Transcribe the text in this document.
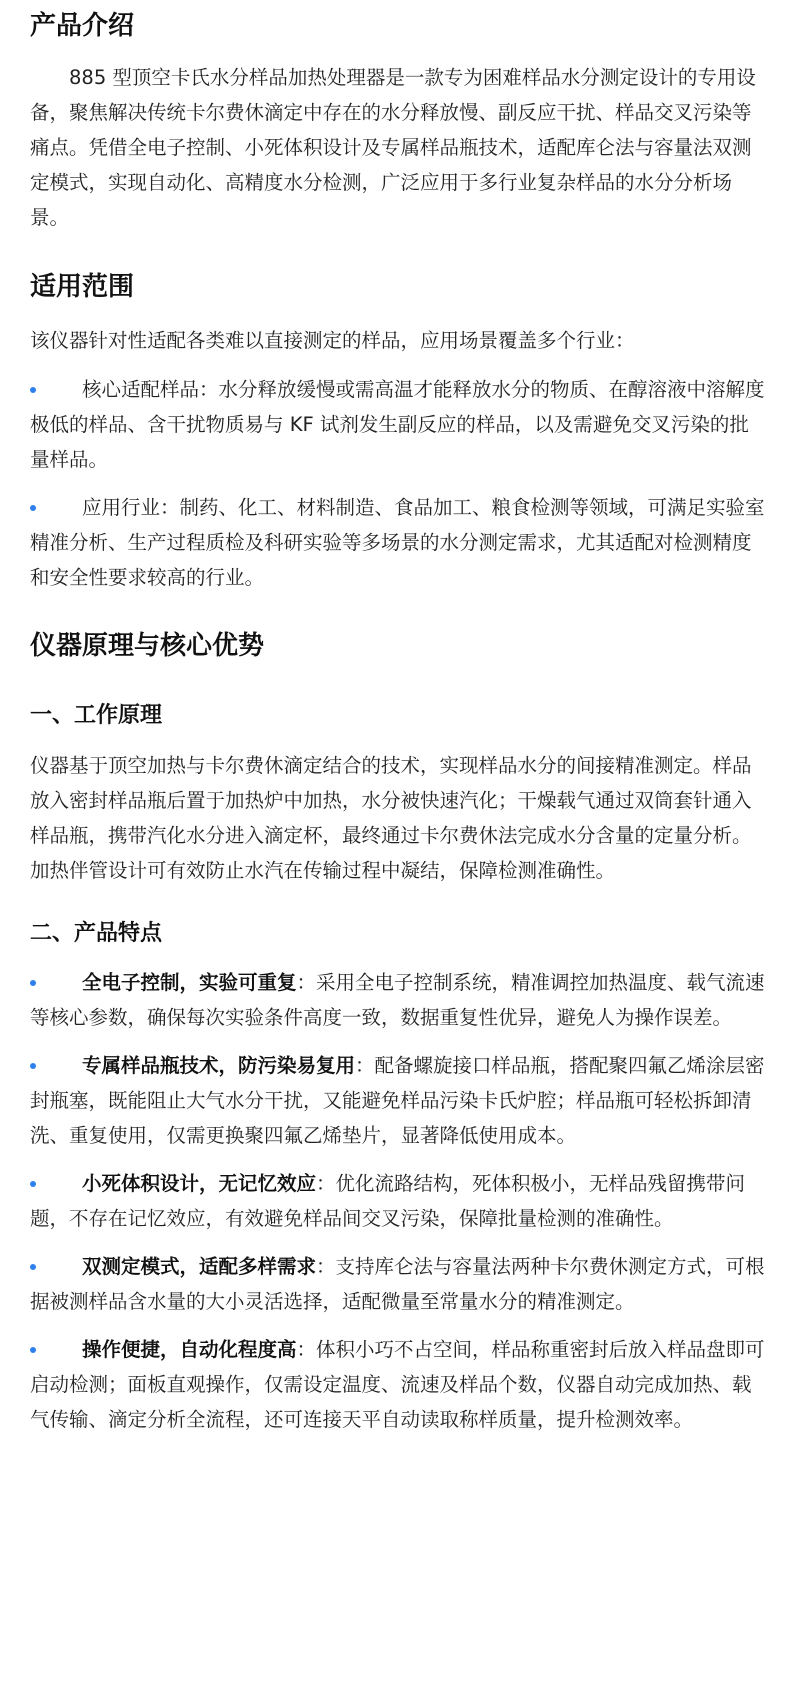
产品介绍

885 型顶空卡氏水分样品加热处理器是一款专为困难样品水分测定设计的专用设备，聚焦解决传统卡尔费休滴定中存在的水分释放慢、副反应干扰、样品交叉污染等痛点。凭借全电子控制、小死体积设计及专属样品瓶技术，适配库仑法与容量法双测定模式，实现自动化、高精度水分检测，广泛应用于多行业复杂样品的水分分析场景。

适用范围

该仪器针对性适配各类难以直接测定的样品，应用场景覆盖多个行业：

核心适配样品：水分释放缓慢或需高温才能释放水分的物质、在醇溶液中溶解度极低的样品、含干扰物质易与 KF 试剂发生副反应的样品，以及需避免交叉污染的批量样品。
应用行业：制药、化工、材料制造、食品加工、粮食检测等领域，可满足实验室精准分析、生产过程质检及科研实验等多场景的水分测定需求，尤其适配对检测精度和安全性要求较高的行业。
仪器原理与核心优势
一、工作原理

仪器基于顶空加热与卡尔费休滴定结合的技术，实现样品水分的间接精准测定。样品放入密封样品瓶后置于加热炉中加热，水分被快速汽化；干燥载气通过双筒套针通入样品瓶，携带汽化水分进入滴定杯，最终通过卡尔费休法完成水分含量的定量分析。加热伴管设计可有效防止水汽在传输过程中凝结，保障检测准确性。

二、产品特点
全电子控制，实验可重复：采用全电子控制系统，精准调控加热温度、载气流速等核心参数，确保每次实验条件高度一致，数据重复性优异，避免人为操作误差。
专属样品瓶技术，防污染易复用：配备螺旋接口样品瓶，搭配聚四氟乙烯涂层密封瓶塞，既能阻止大气水分干扰，又能避免样品污染卡氏炉腔；样品瓶可轻松拆卸清洗、重复使用，仅需更换聚四氟乙烯垫片，显著降低使用成本。
小死体积设计，无记忆效应：优化流路结构，死体积极小，无样品残留携带问题，不存在记忆效应，有效避免样品间交叉污染，保障批量检测的准确性。
双测定模式，适配多样需求：支持库仑法与容量法两种卡尔费休测定方式，可根据被测样品含水量的大小灵活选择，适配微量至常量水分的精准测定。
操作便捷，自动化程度高：体积小巧不占空间，样品称重密封后放入样品盘即可启动检测；面板直观操作，仅需设定温度、流速及样品个数，仪器自动完成加热、载气传输、滴定分析全流程，还可连接天平自动读取称样质量，提升检测效率。
